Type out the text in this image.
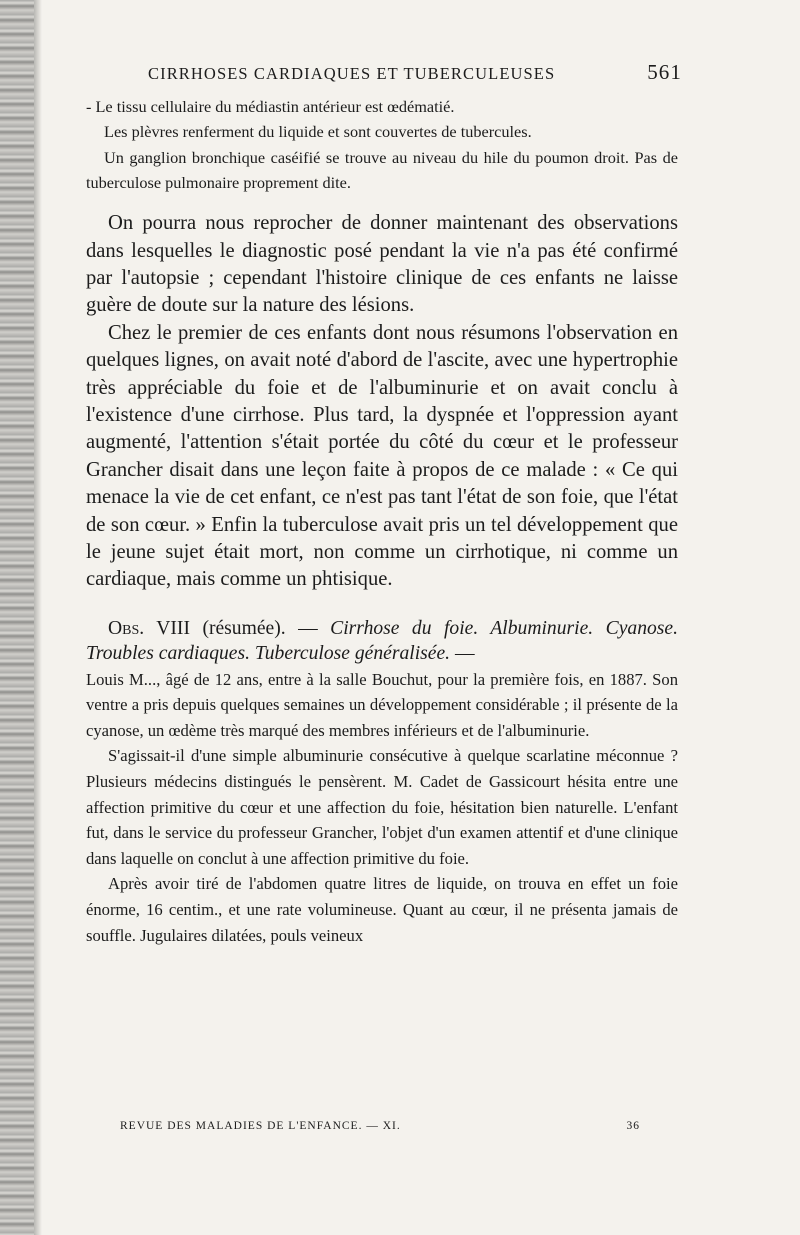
CIRRHOSES CARDIAQUES ET TUBERCULEUSES	561

- Le tissu cellulaire du médiastin antérieur est œdématié.

Les plèvres renferment du liquide et sont couvertes de tubercules.

Un ganglion bronchique caséifié se trouve au niveau du hile du poumon droit. Pas de tuberculose pulmonaire proprement dite.

On pourra nous reprocher de donner maintenant des observations dans lesquelles le diagnostic posé pendant la vie n'a pas été confirmé par l'autopsie ; cependant l'histoire clinique de ces enfants ne laisse guère de doute sur la nature des lésions.

Chez le premier de ces enfants dont nous résumons l'observation en quelques lignes, on avait noté d'abord de l'ascite, avec une hypertrophie très appréciable du foie et de l'albuminurie et on avait conclu à l'existence d'une cirrhose. Plus tard, la dyspnée et l'oppression ayant augmenté, l'attention s'était portée du côté du cœur et le professeur Grancher disait dans une leçon faite à propos de ce malade : « Ce qui menace la vie de cet enfant, ce n'est pas tant l'état de son foie, que l'état de son cœur. » Enfin la tuberculose avait pris un tel développement que le jeune sujet était mort, non comme un cirrhotique, ni comme un cardiaque, mais comme un phtisique.

Obs. VIII (résumée). — Cirrhose du foie. Albuminurie. Cyanose. Troubles cardiaques. Tuberculose généralisée. —

Louis M..., âgé de 12 ans, entre à la salle Bouchut, pour la première fois, en 1887. Son ventre a pris depuis quelques semaines un développement considérable ; il présente de la cyanose, un œdème très marqué des membres inférieurs et de l'albuminurie.

S'agissait-il d'une simple albuminurie consécutive à quelque scarlatine méconnue ? Plusieurs médecins distingués le pensèrent. M. Cadet de Gassicourt hésita entre une affection primitive du cœur et une affection du foie, hésitation bien naturelle. L'enfant fut, dans le service du professeur Grancher, l'objet d'un examen attentif et d'une clinique dans laquelle on conclut à une affection primitive du foie.

Après avoir tiré de l'abdomen quatre litres de liquide, on trouva en effet un foie énorme, 16 centim., et une rate volumineuse. Quant au cœur, il ne présenta jamais de souffle. Jugulaires dilatées, pouls veineux

REVUE DES MALADIES DE L'ENFANCE. — XI.	36
